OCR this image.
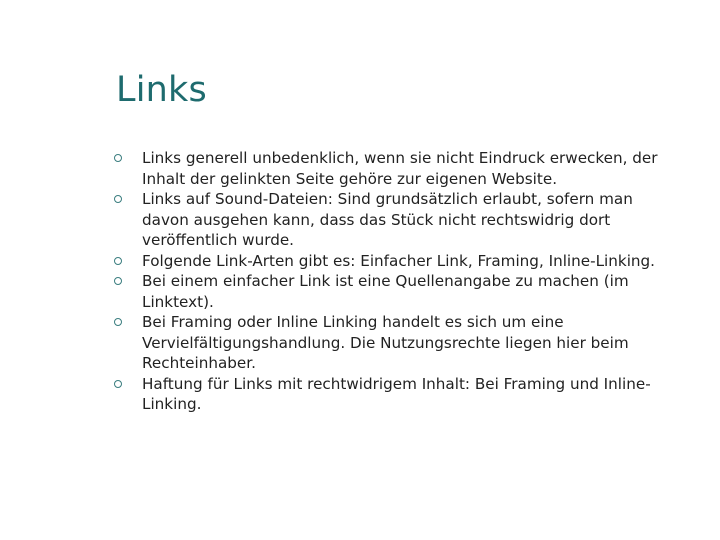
Links
Links generell unbedenklich, wenn sie nicht Eindruck erwecken, der Inhalt der gelinkten Seite gehöre zur eigenen Website.
Links auf Sound-Dateien: Sind grundsätzlich erlaubt, sofern man davon ausgehen kann, dass das Stück nicht rechtswidrig dort veröffentlich wurde.
Folgende Link-Arten gibt es: Einfacher Link, Framing, Inline-Linking.
Bei einem einfacher Link ist eine Quellenangabe zu machen (im Linktext).
Bei Framing oder Inline Linking handelt es sich um eine Vervielfältigungshandlung. Die Nutzungsrechte liegen hier beim Rechteinhaber.
Haftung für Links mit rechtwidrigem Inhalt: Bei Framing und Inline-Linking.
